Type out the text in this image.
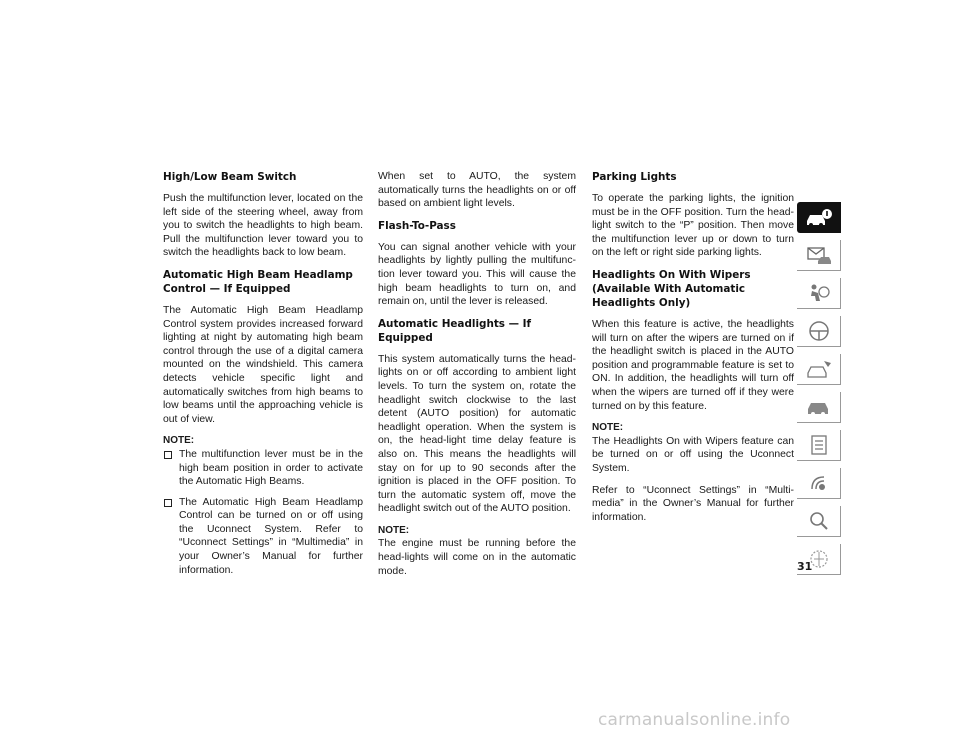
High/Low Beam Switch

Push the multifunction lever, located on the left side of the steering wheel, away from you to switch the headlights to high beam. Pull the multifunction lever toward you to switch the headlights back to low beam.

Automatic High Beam Headlamp Control — If Equipped

The Automatic High Beam Headlamp Control system provides increased forward lighting at night by automating high beam control through the use of a digital camera mounted on the windshield. This camera detects vehicle specific light and automatically switches from high beams to low beams until the approaching vehicle is out of view.

NOTE:
The multifunction lever must be in the high beam position in order to activate the Automatic High Beams.
The Automatic High Beam Headlamp Control can be turned on or off using the Uconnect System. Refer to “Uconnect Settings” in “Multimedia” in your Owner’s Manual for further information.

When set to AUTO, the system automatically turns the headlights on or off based on ambient light levels.

Flash-To-Pass

You can signal another vehicle with your headlights by lightly pulling the multifunc-tion lever toward you. This will cause the high beam headlights to turn on, and remain on, until the lever is released.

Automatic Headlights — If Equipped

This system automatically turns the head-lights on or off according to ambient light levels. To turn the system on, rotate the headlight switch clockwise to the last detent (AUTO position) for automatic headlight operation. When the system is on, the head-light time delay feature is also on. This means the headlights will stay on for up to 90 seconds after the ignition is placed in the OFF position. To turn the automatic system off, move the headlight switch out of the AUTO position.

NOTE:

The engine must be running before the head-lights will come on in the automatic mode.

Parking Lights

To operate the parking lights, the ignition must be in the OFF position. Turn the head-light switch to the “P” position. Then move the multifunction lever up or down to turn on the left or right side parking lights.

Headlights On With Wipers (Available With Automatic Headlights Only)

When this feature is active, the headlights will turn on after the wipers are turned on if the headlight switch is placed in the AUTO position and programmable feature is set to ON. In addition, the headlights will turn off when the wipers are turned off if they were turned on by this feature.

NOTE:

The Headlights On with Wipers feature can be turned on or off using the Uconnect System.

Refer to “Uconnect Settings” in “Multi-media” in the Owner’s Manual for further information.

31
carmanualsonline.info
